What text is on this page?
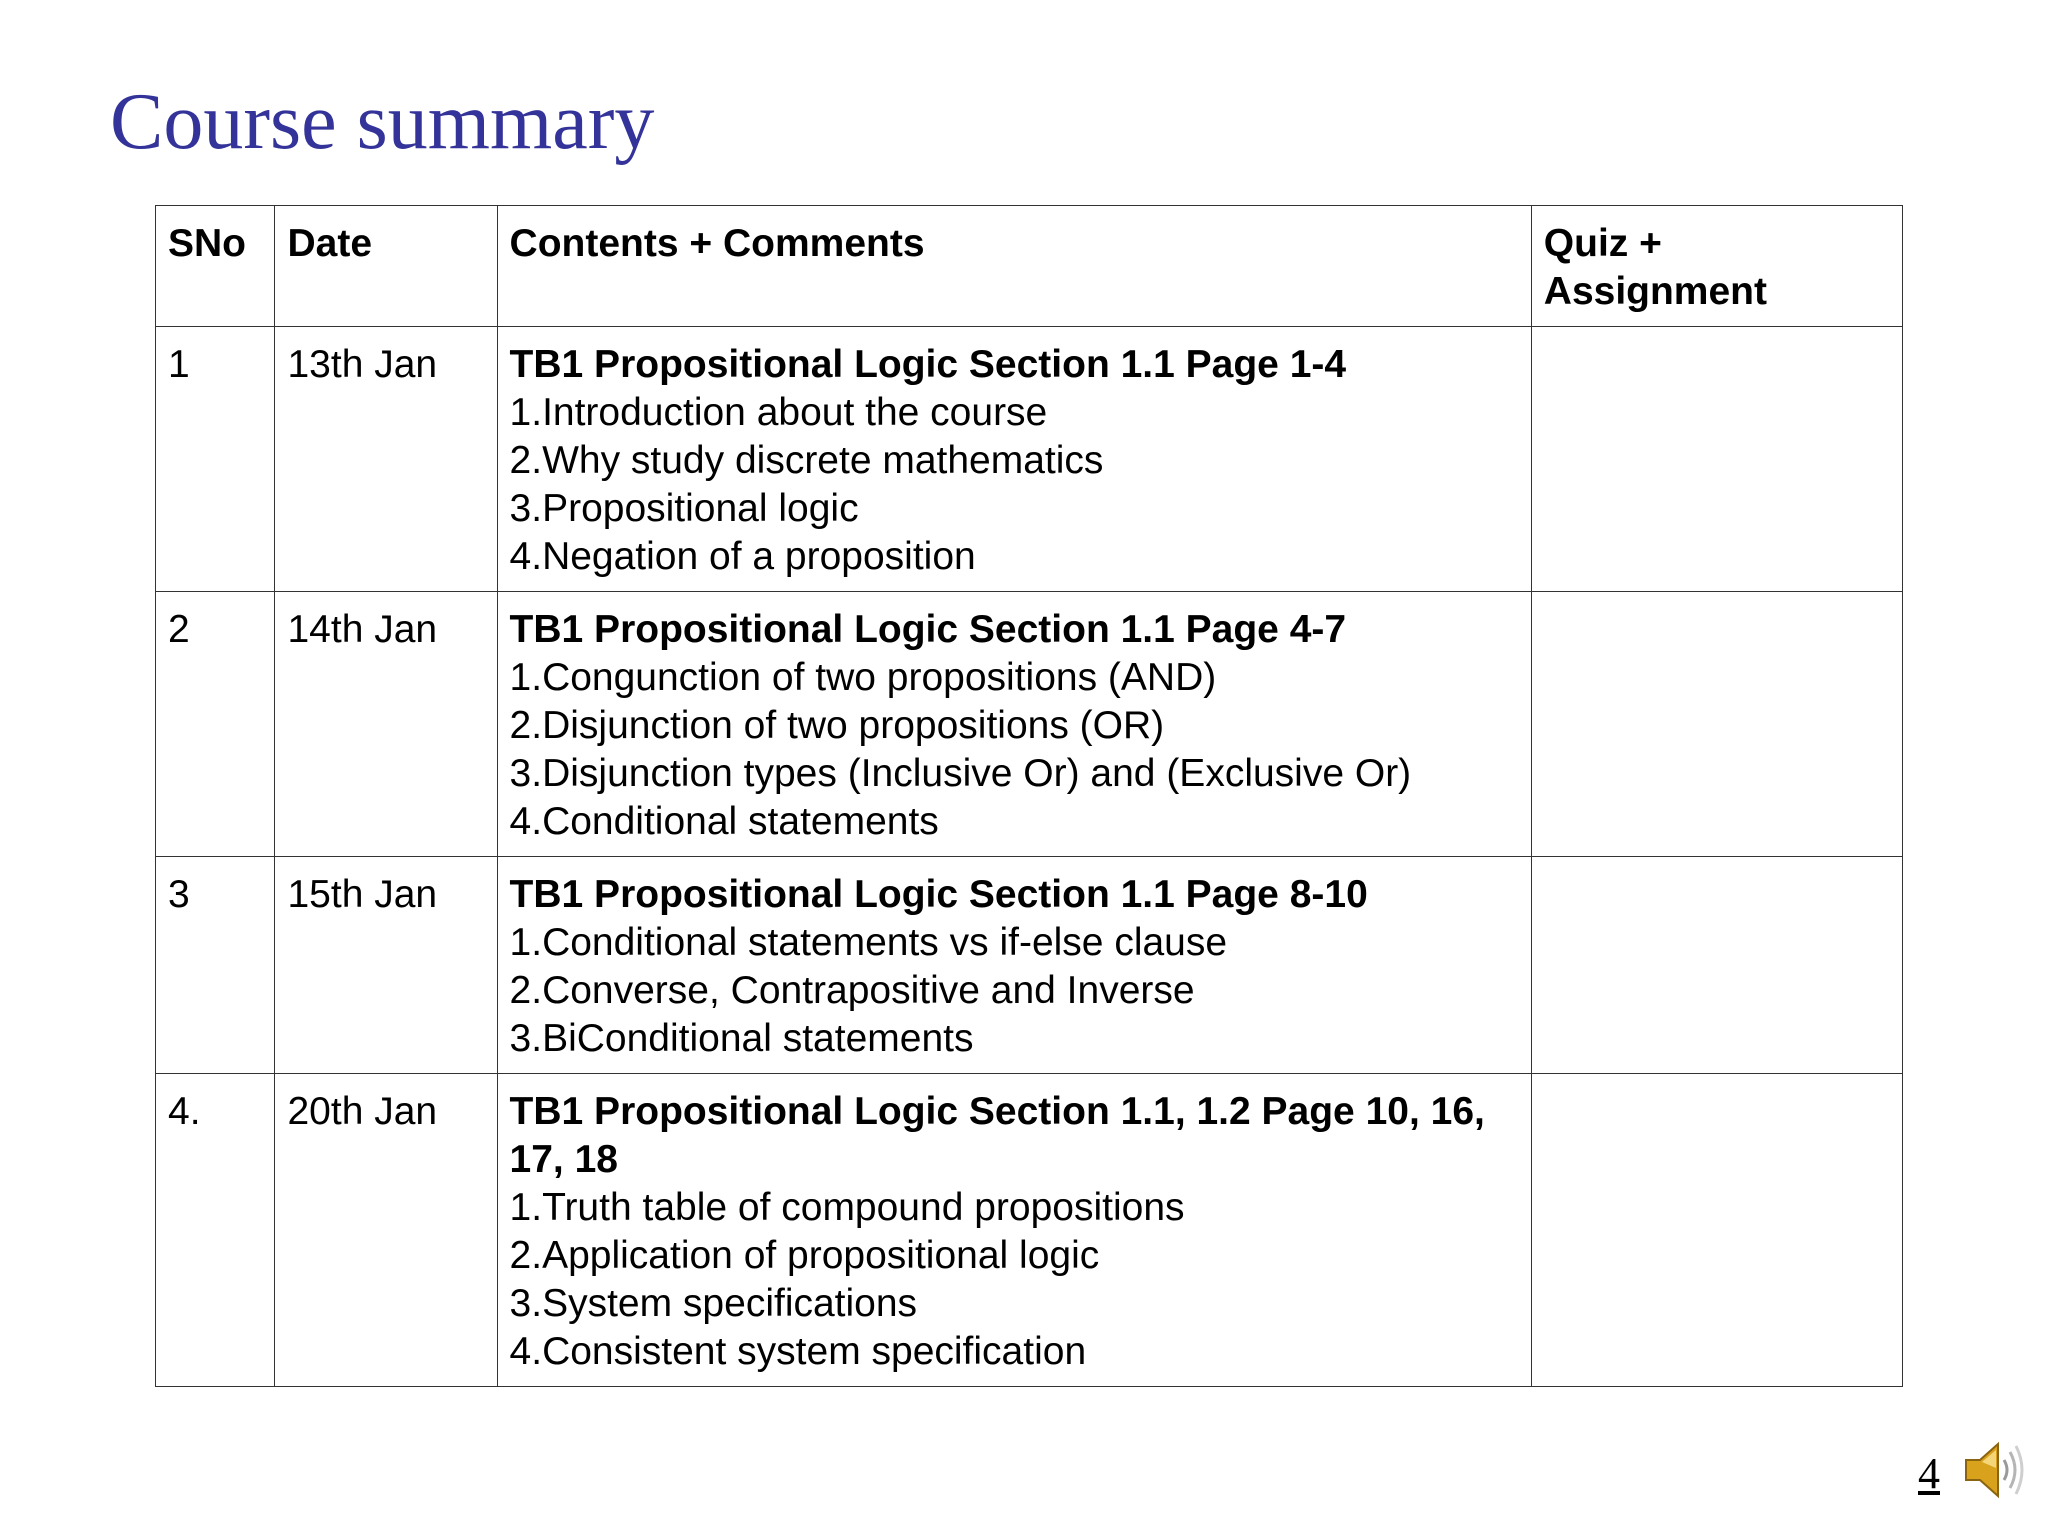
Course summary
SNo	Date	Contents + Comments	Quiz + Assignment
1	13th Jan	TB1 Propositional Logic Section 1.1 Page 1-4
1.Introduction about the course
2.Why study discrete mathematics
3.Propositional logic
4.Negation of a proposition	

2	14th Jan	TB1 Propositional Logic Section 1.1 Page 4-7
1.Congunction of two propositions (AND)
2.Disjunction of two propositions (OR)
3.Disjunction types (Inclusive Or) and (Exclusive Or)
4.Conditional statements	

3	15th Jan	TB1 Propositional Logic Section 1.1 Page 8-10
1.Conditional statements vs if-else clause
2.Converse, Contrapositive and Inverse
3.BiConditional statements	

4.	20th Jan	TB1 Propositional Logic Section 1.1, 1.2 Page 10, 16, 17, 18
1.Truth table of compound propositions
2.Application of propositional logic
3.System specifications
4.Consistent system specification	

4
